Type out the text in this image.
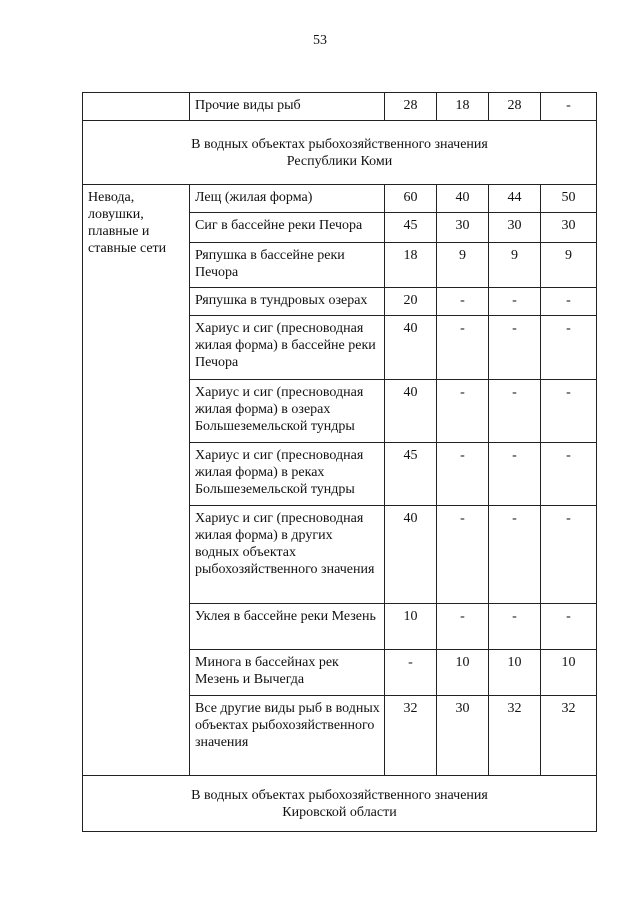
53
	Прочие виды рыб	28	18	28	-

В водных объектах рыбохозяйственного значения
Республики Коми					

Невода, ловушки, плавные и ставные сети	Лещ (жилая форма)	60	40	44	50
	Сиг в бассейне реки Печора	45	30	30	30
	Ряпушка в бассейне реки Печора	18	9	9	9
	Ряпушка в тундровых озерах	20	-	-	-
	Хариус и сиг (пресноводная жилая форма) в бассейне реки Печора	40	-	-	-
	Хариус и сиг (пресноводная жилая форма) в озерах Большеземельской тундры	40	-	-	-
	Хариус и сиг (пресноводная жилая форма) в реках Большеземельской тундры	45	-	-	-
	Хариус и сиг (пресноводная жилая форма) в других водных объектах рыбохозяйственного значения	40	-	-	-
	Уклея в бассейне реки Мезень	10	-	-	-
	Минога в бассейнах рек Мезень и Вычегда	-	10	10	10
	Все другие виды рыб в водных объектах рыбохозяйственного значения	32	30	32	32

В водных объектах рыбохозяйственного значения
Кировской области					
